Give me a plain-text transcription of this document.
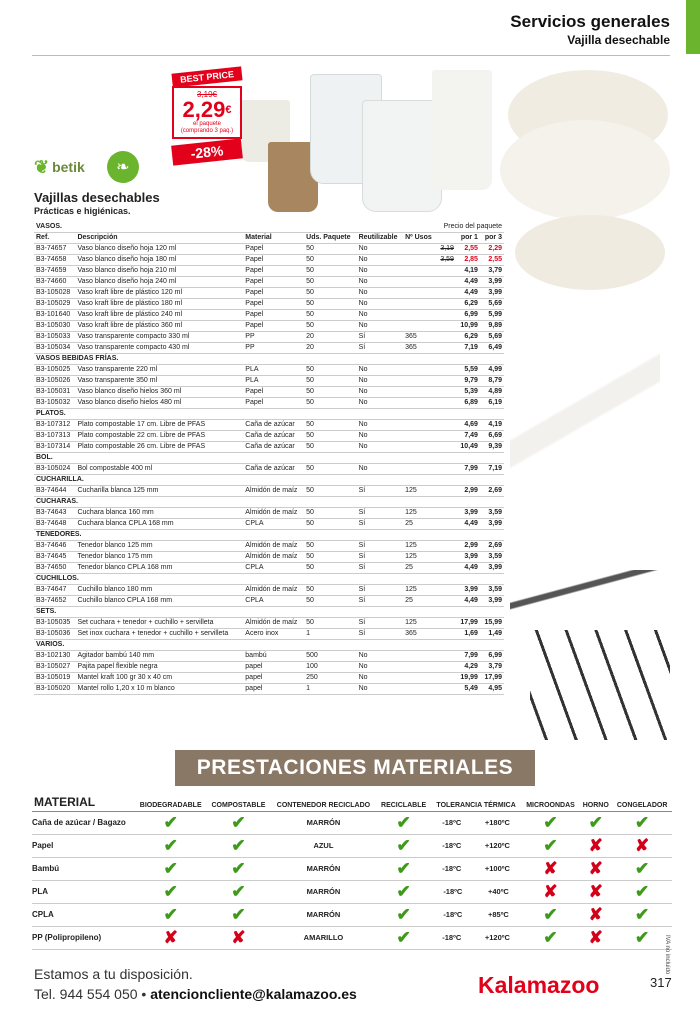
Servicios generales
Vajilla desechable
BEST PRICE
3,19€
2,29€
el paquete
(comprando 3 paq.)
-28%
❦ betik	❧
Vajillas desechables
Prácticas e higiénicas.
VASOS.						Precio del paquete		
Ref.	Descripción	Material	Uds. Paquete	Reutilizable	Nº Usos		por 1	por 3
B3-74657	Vaso blanco diseño hoja 120 ml	Papel	50	No		3,19	2,55	2,29
B3-74658	Vaso blanco diseño hoja 180 ml	Papel	50	No		3,59	2,85	2,55
B3-74659	Vaso blanco diseño hoja 210 ml	Papel	50	No			4,19	3,79
B3-74660	Vaso blanco diseño hoja 240 ml	Papel	50	No			4,49	3,99
B3-105028	Vaso kraft libre de plástico 120 ml	Papel	50	No			4,49	3,99
B3-105029	Vaso kraft libre de plástico 180 ml	Papel	50	No			6,29	5,69
B3-101640	Vaso kraft libre de plástico 240 ml	Papel	50	No			6,99	5,99
B3-105030	Vaso kraft libre de plástico 360 ml	Papel	50	No			10,99	9,89
B3-105033	Vaso transparente compacto 330 ml	PP	20	Sí	365		6,29	5,69
B3-105034	Vaso transparente compacto 430 ml	PP	20	Sí	365		7,19	6,49
VASOS BEBIDAS FRÍAS.								
B3-105025	Vaso transparente 220 ml	PLA	50	No			5,59	4,99
B3-105026	Vaso transparente 350 ml	PLA	50	No			9,79	8,79
B3-105031	Vaso blanco diseño hielos 360 ml	Papel	50	No			5,39	4,89
B3-105032	Vaso blanco diseño hielos 480 ml	Papel	50	No			6,89	6,19
PLATOS.								
B3-107312	Plato compostable 17 cm. Libre de PFAS	Caña de azúcar	50	No			4,69	4,19
B3-107313	Plato compostable 22 cm. Libre de PFAS	Caña de azúcar	50	No			7,49	6,69
B3-107314	Plato compostable 26 cm. Libre de PFAS	Caña de azúcar	50	No			10,49	9,39
BOL.								
B3-105024	Bol compostable 400 ml	Caña de azúcar	50	No			7,99	7,19
CUCHARILLA.								
B3-74644	Cucharilla blanca 125 mm	Almidón de maíz	50	Sí	125		2,99	2,69
CUCHARAS.								
B3-74643	Cuchara blanca 160 mm	Almidón de maíz	50	Sí	125		3,99	3,59
B3-74648	Cuchara blanca CPLA 168 mm	CPLA	50	Sí	25		4,49	3,99
TENEDORES.								
B3-74646	Tenedor blanco 125 mm	Almidón de maíz	50	Sí	125		2,99	2,69
B3-74645	Tenedor blanco 175 mm	Almidón de maíz	50	Sí	125		3,99	3,59
B3-74650	Tenedor blanco CPLA 168 mm	CPLA	50	Sí	25		4,49	3,99
CUCHILLOS.								
B3-74647	Cuchillo blanco 180 mm	Almidón de maíz	50	Sí	125		3,99	3,59
B3-74652	Cuchillo blanco CPLA 168 mm	CPLA	50	Sí	25		4,49	3,99
SETS.								
B3-105035	Set cuchara + tenedor + cuchillo + servilleta	Almidón de maíz	50	Sí	125		17,99	15,99
B3-105036	Set inox cuchara + tenedor + cuchillo + servilleta	Acero inox	1	Sí	365		1,69	1,49
VARIOS.								
B3-102130	Agitador bambú 140 mm	bambú	500	No			7,99	6,99
B3-105027	Pajita papel flexible negra	papel	100	No			4,29	3,79
B3-105019	Mantel kraft 100 gr 30 x 40 cm	papel	250	No			19,99	17,99
B3-105020	Mantel rollo 1,20 x 10 m blanco	papel	1	No			5,49	4,95
PRESTACIONES MATERIALES
MATERIAL	BIODEGRADABLE	COMPOSTABLE	CONTENEDOR RECICLADO	RECICLABLE	TOLERANCIA TÉRMICA	MICROONDAS	HORNO	CONGELADOR
Caña de azúcar / Bagazo	✔	✔	MARRÓN	✔	-18ºC +180ºC	✔	✔	✔
Papel	✔	✔	AZUL	✔	-18ºC +120ºC	✔	✘	✘
Bambú	✔	✔	MARRÓN	✔	-18ºC +100ºC	✘	✘	✔
PLA	✔	✔	MARRÓN	✔	-18ºC +40ºC	✘	✘	✔
CPLA	✔	✔	MARRÓN	✔	-18ºC +85ºC	✔	✘	✔
PP (Polipropileno)	✘	✘	AMARILLO	✔	-18ºC +120ºC	✔	✘	✔ IVA no incluido
Estamos a tu disposición.
Tel. 944 554 050 • atencioncliente@kalamazoo.es	Kalamazoo	317
